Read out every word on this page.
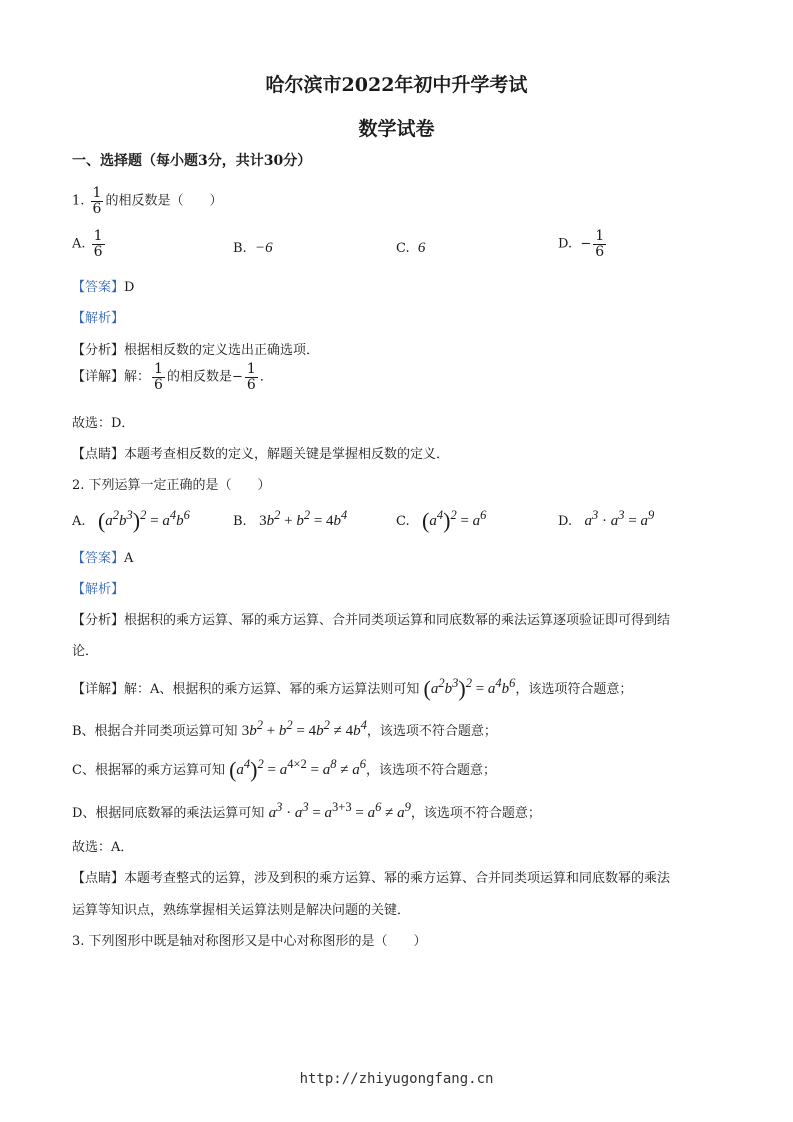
哈尔滨市2022年初中升学考试
数学试卷
一、选择题（每小题3分，共计30分）
1. $\frac{1}{6}$ 的相反数是（　　）
A. $\frac{1}{6}$	B. −6	C. 6	D. − $\frac{1}{6}$
【答案】D
【解析】
【分析】根据相反数的定义选出正确选项．
【详解】解： $\frac{1}{6}$ 的相反数是− $\frac{1}{6}$ ．
故选：D．
【点睛】本题考查相反数的定义，解题关键是掌握相反数的定义．
2. 下列运算一定正确的是（　　）
A. $(a^2b^3)^2 = a^4b^6$	B. $3b^2 + b^2 = 4b^4$	C. $(a^4)^2 = a^6$	D. $a^3 \cdot a^3 = a^9$
【答案】A
【解析】
【分析】根据积的乘方运算、幂的乘方运算、合并同类项运算和同底数幂的乘法运算逐项验证即可得到结
论．
【详解】解：A、根据积的乘方运算、幂的乘方运算法则可知 $(a^2b^3)^2 = a^4b^6$，该选项符合题意；
B、根据合并同类项运算可知 $3b^2 + b^2 = 4b^2 \ne 4b^4$，该选项不符合题意；
C、根据幂的乘方运算可知 $(a^4)^2 = a^{4\times 2} = a^8 \ne a^6$，该选项不符合题意；
D、根据同底数幂的乘法运算可知 $a^3 \cdot a^3 = a^{3+3} = a^6 \ne a^9$，该选项不符合题意；
故选：A．
【点睛】本题考查整式的运算，涉及到积的乘方运算、幂的乘方运算、合并同类项运算和同底数幂的乘法
运算等知识点，熟练掌握相关运算法则是解决问题的关键．
3. 下列图形中既是轴对称图形又是中心对称图形的是（　　）
http://zhiyugongfang.cn
